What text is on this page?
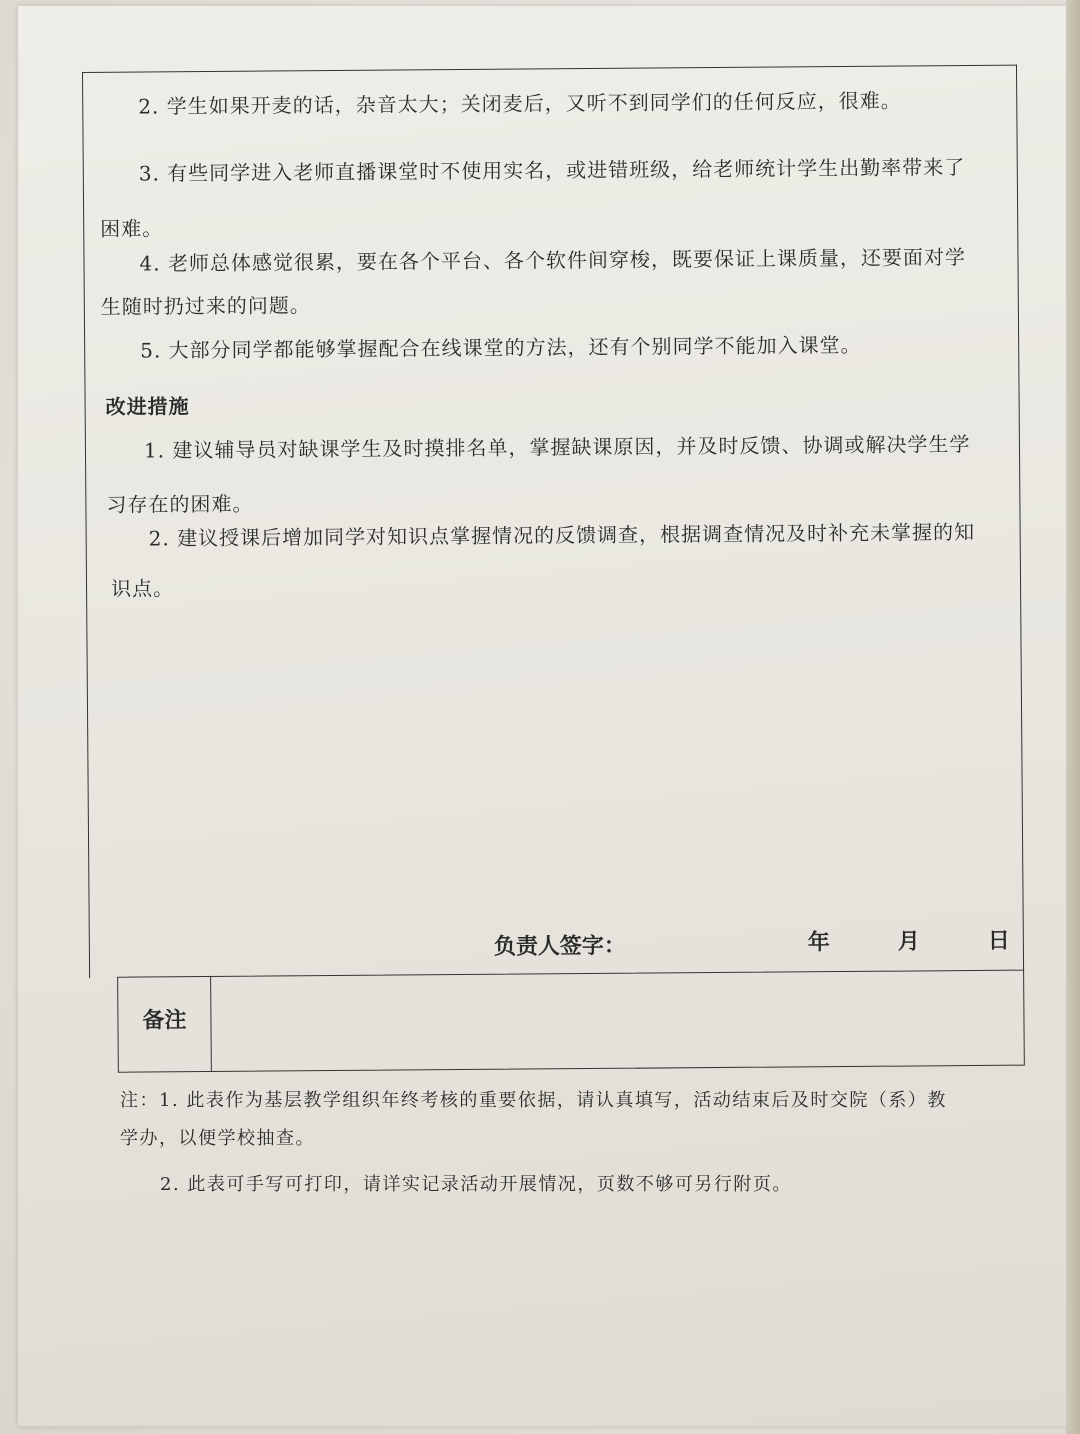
2. 学生如果开麦的话，杂音太大；关闭麦后，又听不到同学们的任何反应，很难。
3. 有些同学进入老师直播课堂时不使用实名，或进错班级，给老师统计学生出勤率带来了
困难。
4. 老师总体感觉很累，要在各个平台、各个软件间穿梭，既要保证上课质量，还要面对学
生随时扔过来的问题。
5. 大部分同学都能够掌握配合在线课堂的方法，还有个别同学不能加入课堂。
改进措施
1. 建议辅导员对缺课学生及时摸排名单，掌握缺课原因，并及时反馈、协调或解决学生学
习存在的困难。
2. 建议授课后增加同学对知识点掌握情况的反馈调查，根据调查情况及时补充未掌握的知
识点。
负责人签字：	年	月	日
备注
注：1. 此表作为基层教学组织年终考核的重要依据，请认真填写，活动结束后及时交院（系）教
学办，以便学校抽查。
2. 此表可手写可打印，请详实记录活动开展情况，页数不够可另行附页。
